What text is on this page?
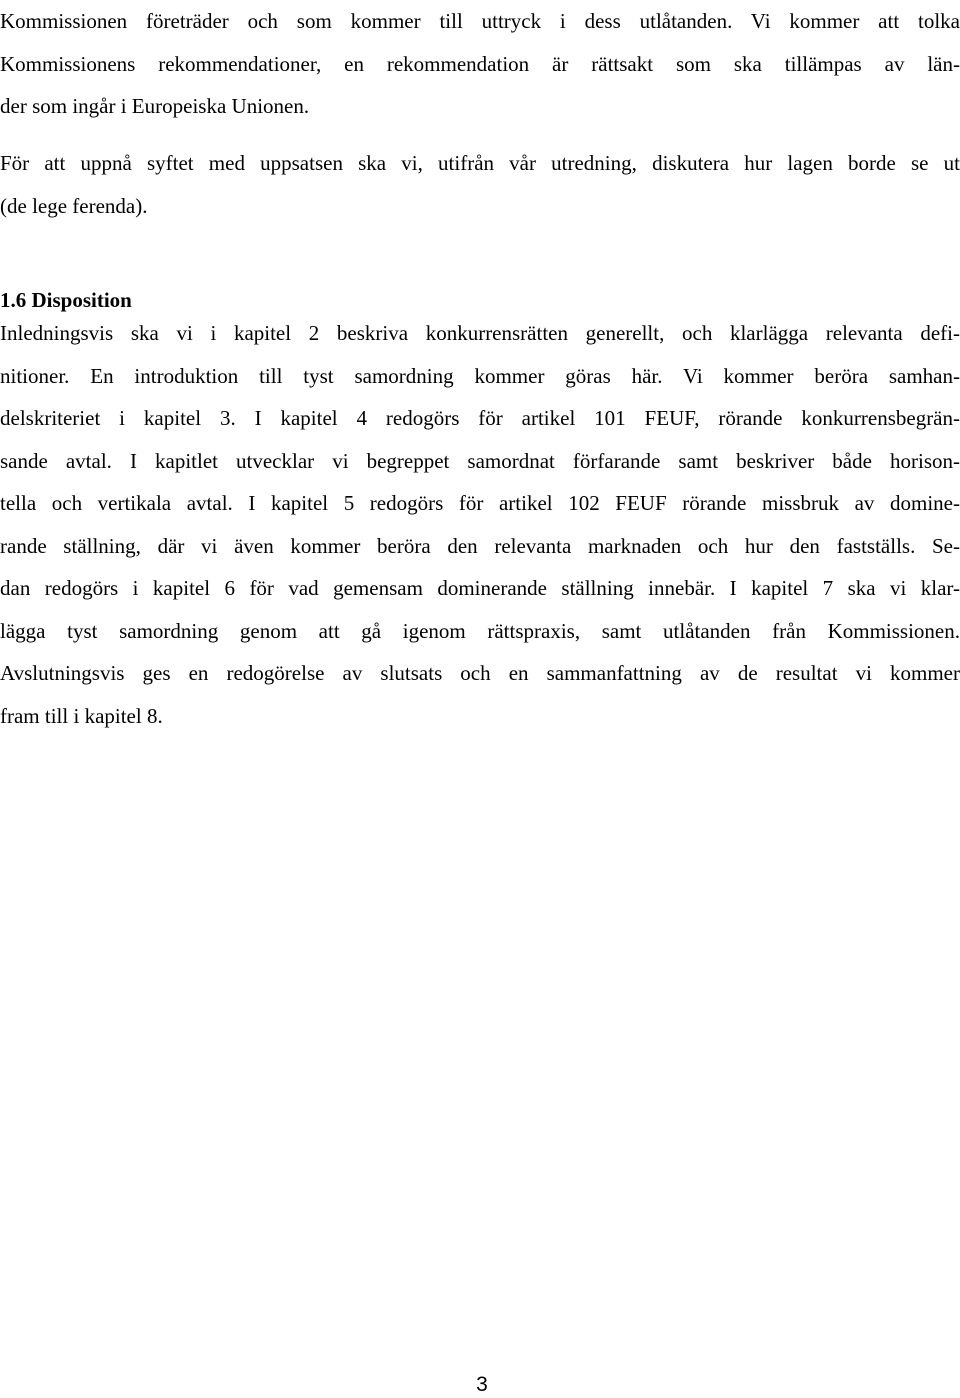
Kommissionen företräder och som kommer till uttryck i dess utlåtanden. Vi kommer att tolka
Kommissionens rekommendationer, en rekommendation är rättsakt som ska tillämpas av län-
der som ingår i Europeiska Unionen.
För att uppnå syftet med uppsatsen ska vi, utifrån vår utredning, diskutera hur lagen borde se ut
(de lege ferenda).
1.6 Disposition
Inledningsvis ska vi i kapitel 2 beskriva konkurrensrätten generellt, och klarlägga relevanta defi-
nitioner. En introduktion till tyst samordning kommer göras här. Vi kommer beröra samhan-
delskriteriet i kapitel 3. I kapitel 4 redogörs för artikel 101 FEUF, rörande konkurrensbegrän-
sande avtal. I kapitlet utvecklar vi begreppet samordnat förfarande samt beskriver både horison-
tella och vertikala avtal. I kapitel 5 redogörs för artikel 102 FEUF rörande missbruk av domine-
rande ställning, där vi även kommer beröra den relevanta marknaden och hur den fastställs. Se-
dan redogörs i kapitel 6 för vad gemensam dominerande ställning innebär. I kapitel 7 ska vi klar-
lägga tyst samordning genom att gå igenom rättspraxis, samt utlåtanden från Kommissionen.
Avslutningsvis ges en redogörelse av slutsats och en sammanfattning av de resultat vi kommer
fram till i kapitel 8.
3
